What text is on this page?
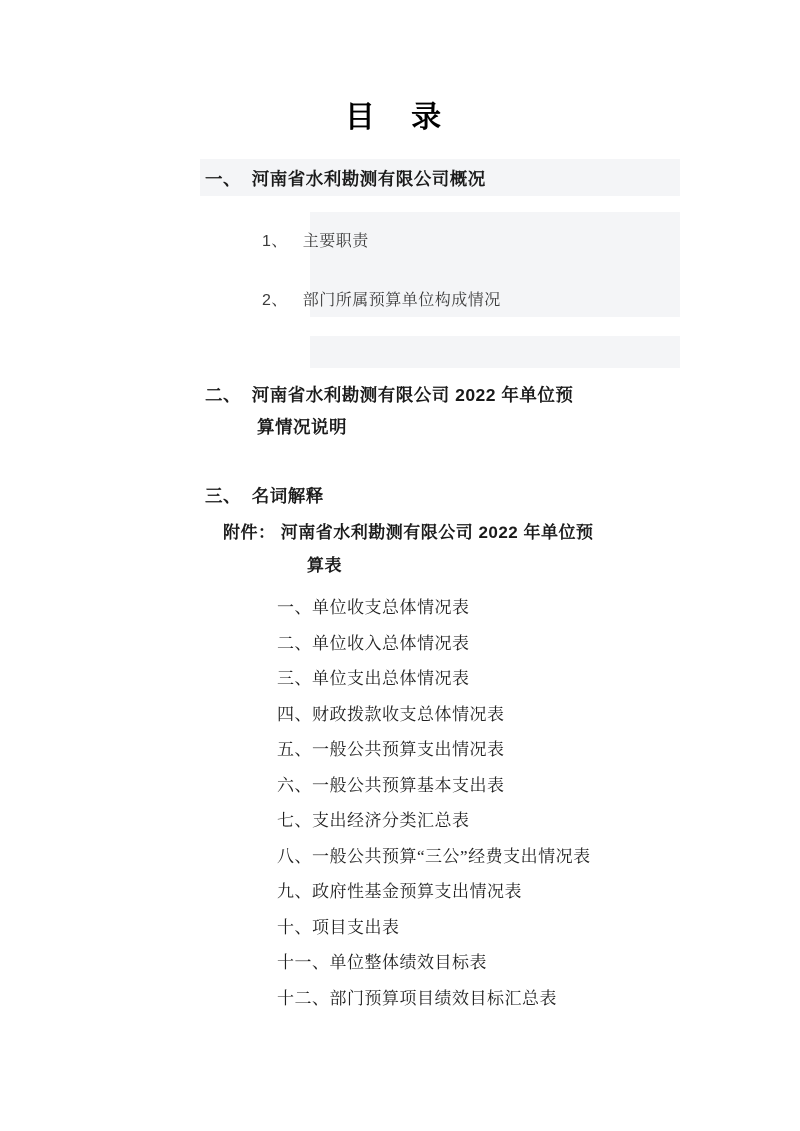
目 录
一、 河南省水利勘测有限公司概况
1、 主要职责
2、 部门所属预算单位构成情况
二、 河南省水利勘测有限公司 2022 年单位预
算情况说明
三、 名词解释
附件： 河南省水利勘测有限公司 2022 年单位预
算表
一、单位收支总体情况表
二、单位收入总体情况表
三、单位支出总体情况表
四、财政拨款收支总体情况表
五、一般公共预算支出情况表
六、一般公共预算基本支出表
七、支出经济分类汇总表
八、一般公共预算“三公”经费支出情况表
九、政府性基金预算支出情况表
十、项目支出表
十一、单位整体绩效目标表
十二、部门预算项目绩效目标汇总表
